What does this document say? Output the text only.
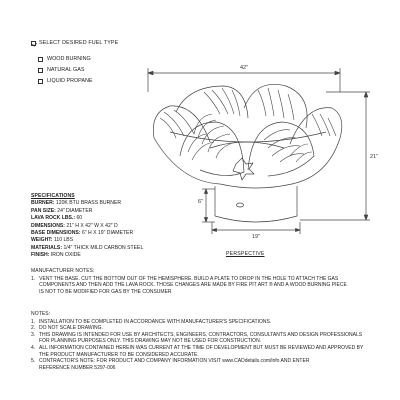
SELECT DESIRED FUEL TYPE
WOOD BURNING
NATURAL GAS
LIQUID PROPANE
42"
21"
6"
19"
PERSPECTIVE
SPECIFICATIONS
BURNER: 120K BTU BRASS BURNER
PAN SIZE: 24" DIAMETER
LAVA ROCK LBS.: 60
DIMENSIONS: 21" H X 42" W X 42" D
BASE DIMENSIONS: 6" H X 19" DIAMETER
WEIGHT: 110 LBS
MATERIALS: 1/4" THICK MILD CARBON STEEL
FINISH: IRON OXIDE
MANUFACTURER NOTES:
1. VENT THE BASE. CUT THE BOTTOM OUT OF THE HEMISPHERE. BUILD A PLATE TO DROP IN THE HOLE TO ATTACH THE GAS
COMPONENTS AND THEN ADD THE LAVA ROCK. THOSE CHANGES ARE MADE BY FIRE PIT ART ® AND A WOOD BURNING PIECE
IS NOT TO BE MODIFIED FOR GAS BY THE CONSUMER
NOTES:
1. INSTALLATION TO BE COMPLETED IN ACCORDANCE WITH MANUFACTURER'S SPECIFICATIONS.
2. DO NOT SCALE DRAWING.
3. THIS DRAWING IS INTENDED FOR USE BY ARCHITECTS, ENGINEERS, CONTRACTORS, CONSULTANTS AND DESIGN PROFESSIONALS
FOR PLANNING PURPOSES ONLY. THIS DRAWING MAY NOT BE USED FOR CONSTRUCTION.
4. ALL INFORMATION CONTAINED HEREIN WAS CURRENT AT THE TIME OF DEVELOPMENT BUT MUST BE REVIEWED AND APPROVED BY
THE PRODUCT MANUFACTURER TO BE CONSIDERED ACCURATE.
5. CONTRACTOR'S NOTE: FOR PRODUCT AND COMPANY INFORMATION VISIT www.CADdetails.com/info AND ENTER
REFERENCE NUMBER 5297-006
